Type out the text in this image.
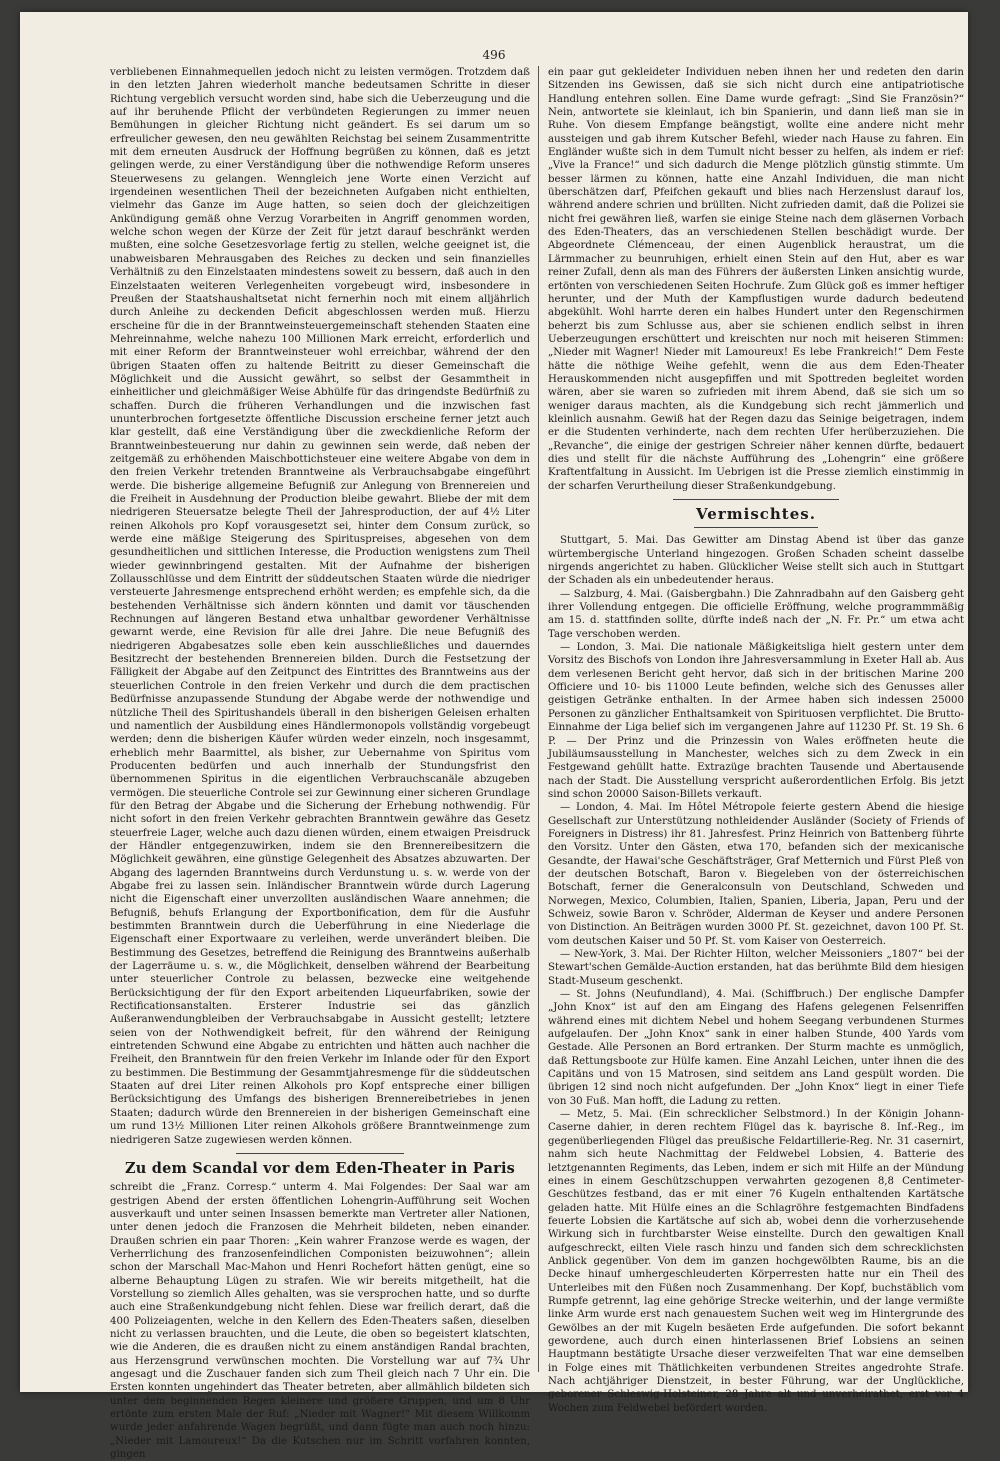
496

verbliebenen Einnahmequellen jedoch nicht zu leisten vermögen. Trotzdem daß in den letzten Jahren wiederholt manche bedeutsamen Schritte in dieser Richtung vergeblich versucht worden sind, habe sich die Ueberzeugung und die auf ihr beruhende Pflicht der verbündeten Regierungen zu immer neuen Bemühungen in gleicher Richtung nicht geändert. Es sei darum um so erfreulicher gewesen, den neu gewählten Reichstag bei seinem Zusammentritte mit dem erneuten Ausdruck der Hoffnung begrüßen zu können, daß es jetzt gelingen werde, zu einer Verständigung über die nothwendige Reform unseres Steuerwesens zu gelangen. Wenngleich jene Worte einen Verzicht auf irgendeinen wesentlichen Theil der bezeichneten Aufgaben nicht enthielten, vielmehr das Ganze im Auge hatten, so seien doch der gleichzeitigen Ankündigung gemäß ohne Verzug Vorarbeiten in Angriff genommen worden, welche schon wegen der Kürze der Zeit für jetzt darauf beschränkt werden mußten, eine solche Gesetzesvorlage fertig zu stellen, welche geeignet ist, die unabweisbaren Mehrausgaben des Reiches zu decken und sein finanzielles Verhältniß zu den Einzelstaaten mindestens soweit zu bessern, daß auch in den Einzelstaaten weiteren Verlegenheiten vorgebeugt wird, insbesondere in Preußen der Staatshaushaltsetat nicht fernerhin noch mit einem alljährlich durch Anleihe zu deckenden Deficit abgeschlossen werden muß. Hierzu erscheine für die in der Branntweinsteuergemeinschaft stehenden Staaten eine Mehreinnahme, welche nahezu 100 Millionen Mark erreicht, erforderlich und mit einer Reform der Branntweinsteuer wohl erreichbar, während der den übrigen Staaten offen zu haltende Beitritt zu dieser Gemeinschaft die Möglichkeit und die Aussicht gewährt, so selbst der Gesammtheit in einheitlicher und gleichmäßiger Weise Abhülfe für das dringendste Bedürfniß zu schaffen. Durch die früheren Verhandlungen und die inzwischen fast ununterbrochen fortgesetzte öffentliche Discussion erscheine ferner jetzt auch klar gestellt, daß eine Verständigung über die zweckdienliche Reform der Branntweinbesteuerung nur dahin zu gewinnen sein werde, daß neben der zeitgemäß zu erhöhenden Maischbottichsteuer eine weitere Abgabe von dem in den freien Verkehr tretenden Branntweine als Verbrauchsabgabe eingeführt werde. Die bisherige allgemeine Befugniß zur Anlegung von Brennereien und die Freiheit in Ausdehnung der Production bleibe gewahrt. Bliebe der mit dem niedrigeren Steuersatze belegte Theil der Jahresproduction, der auf 4½ Liter reinen Alkohols pro Kopf vorausgesetzt sei, hinter dem Consum zurück, so werde eine mäßige Steigerung des Spirituspreises, abgesehen von dem gesundheitlichen und sittlichen Interesse, die Production wenigstens zum Theil wieder gewinnbringend gestalten. Mit der Aufnahme der bisherigen Zollausschlüsse und dem Eintritt der süddeutschen Staaten würde die niedriger versteuerte Jahresmenge entsprechend erhöht werden; es empfehle sich, da die bestehenden Verhältnisse sich ändern könnten und damit vor täuschenden Rechnungen auf längeren Bestand etwa unhaltbar gewordener Verhältnisse gewarnt werde, eine Revision für alle drei Jahre. Die neue Befugniß des niedrigeren Abgabesatzes solle eben kein ausschließliches und dauerndes Besitzrecht der bestehenden Brennereien bilden. Durch die Festsetzung der Fälligkeit der Abgabe auf den Zeitpunct des Eintrittes des Branntweins aus der steuerlichen Controle in den freien Verkehr und durch die dem practischen Bedürfnisse anzupassende Stundung der Abgabe werde der nothwendige und nützliche Theil des Spiritushandels überall in den bisherigen Geleisen erhalten und namentlich der Ausbildung eines Händlermonopols vollständig vorgebeugt werden; denn die bisherigen Käufer würden weder einzeln, noch insgesammt, erheblich mehr Baarmittel, als bisher, zur Uebernahme von Spiritus vom Producenten bedürfen und auch innerhalb der Stundungsfrist den übernommenen Spiritus in die eigentlichen Verbrauchscanäle abzugeben vermögen. Die steuerliche Controle sei zur Gewinnung einer sicheren Grundlage für den Betrag der Abgabe und die Sicherung der Erhebung nothwendig. Für nicht sofort in den freien Verkehr gebrachten Branntwein gewähre das Gesetz steuerfreie Lager, welche auch dazu dienen würden, einem etwaigen Preisdruck der Händler entgegenzuwirken, indem sie den Brennereibesitzern die Möglichkeit gewähren, eine günstige Gelegenheit des Absatzes abzuwarten. Der Abgang des lagernden Branntweins durch Verdunstung u. s. w. werde von der Abgabe frei zu lassen sein. Inländischer Branntwein würde durch Lagerung nicht die Eigenschaft einer unverzollten ausländischen Waare annehmen; die Befugniß, behufs Erlangung der Exportbonification, dem für die Ausfuhr bestimmten Branntwein durch die Ueberführung in eine Niederlage die Eigenschaft einer Exportwaare zu verleihen, werde unverändert bleiben. Die Bestimmung des Gesetzes, betreffend die Reinigung des Branntweins außerhalb der Lagerräume u. s. w., die Möglichkeit, denselben während der Bearbeitung unter steuerlicher Controle zu belassen, bezwecke eine weitgehende Berücksichtigung der für den Export arbeitenden Liqueurfabriken, sowie der Rectificationsanstalten. Ersterer Industrie sei das gänzlich Außeranwendungbleiben der Verbrauchsabgabe in Aussicht gestellt; letztere seien von der Nothwendigkeit befreit, für den während der Reinigung eintretenden Schwund eine Abgabe zu entrichten und hätten auch nachher die Freiheit, den Branntwein für den freien Verkehr im Inlande oder für den Export zu bestimmen. Die Bestimmung der Gesammtjahresmenge für die süddeutschen Staaten auf drei Liter reinen Alkohols pro Kopf entspreche einer billigen Berücksichtigung des Umfangs des bisherigen Brennereibetriebes in jenen Staaten; dadurch würde den Brennereien in der bisherigen Gemeinschaft eine um rund 13½ Millionen Liter reinen Alkohols größere Branntweinmenge zum niedrigeren Satze zugewiesen werden können.

Zu dem Scandal vor dem Eden-Theater in Paris

schreibt die „Franz. Corresp.“ unterm 4. Mai Folgendes: Der Saal war am gestrigen Abend der ersten öffentlichen Lohengrin-Aufführung seit Wochen ausverkauft und unter seinen Insassen bemerkte man Vertreter aller Nationen, unter denen jedoch die Franzosen die Mehrheit bildeten, neben einander. Draußen schrien ein paar Thoren: „Kein wahrer Franzose werde es wagen, der Verherrlichung des franzosenfeindlichen Componisten beizuwohnen“; allein schon der Marschall Mac-Mahon und Henri Rochefort hätten genügt, eine so alberne Behauptung Lügen zu strafen. Wie wir bereits mitgetheilt, hat die Vorstellung so ziemlich Alles gehalten, was sie versprochen hatte, und so durfte auch eine Straßenkundgebung nicht fehlen. Diese war freilich derart, daß die 400 Polizeiagenten, welche in den Kellern des Eden-Theaters saßen, dieselben nicht zu verlassen brauchten, und die Leute, die oben so begeistert klatschten, wie die Anderen, die es draußen nicht zu einem anständigen Randal brachten, aus Herzensgrund verwünschen mochten. Die Vorstellung war auf 7¾ Uhr angesagt und die Zuschauer fanden sich zum Theil gleich nach 7 Uhr ein. Die Ersten konnten ungehindert das Theater betreten, aber allmählich bildeten sich unter dem beginnenden Regen kleinere und größere Gruppen, und um 8 Uhr ertönte zum ersten Male der Ruf: „Nieder mit Wagner!“ Mit diesem Willkomm wurde jeder anfahrende Wagen begrüßt, und dann fügte man auch noch hinzu: „Nieder mit Lamoureux!“ Da die Kutschen nur im Schritt vorfahren konnten, gingen

ein paar gut gekleideter Individuen neben ihnen her und redeten den darin Sitzenden ins Gewissen, daß sie sich nicht durch eine antipatriotische Handlung entehren sollen. Eine Dame wurde gefragt: „Sind Sie Französin?“ Nein, antwortete sie kleinlaut, ich bin Spanierin, und dann ließ man sie in Ruhe. Von diesem Empfange beängstigt, wollte eine andere nicht mehr aussteigen und gab ihrem Kutscher Befehl, wieder nach Hause zu fahren. Ein Engländer wußte sich in dem Tumult nicht besser zu helfen, als indem er rief: „Vive la France!“ und sich dadurch die Menge plötzlich günstig stimmte. Um besser lärmen zu können, hatte eine Anzahl Individuen, die man nicht überschätzen darf, Pfeifchen gekauft und blies nach Herzenslust darauf los, während andere schrien und brüllten. Nicht zufrieden damit, daß die Polizei sie nicht frei gewähren ließ, warfen sie einige Steine nach dem gläsernen Vorbach des Eden-Theaters, das an verschiedenen Stellen beschädigt wurde. Der Abgeordnete Clémenceau, der einen Augenblick heraustrat, um die Lärmmacher zu beunruhigen, erhielt einen Stein auf den Hut, aber es war reiner Zufall, denn als man des Führers der äußersten Linken ansichtig wurde, ertönten von verschiedenen Seiten Hochrufe. Zum Glück goß es immer heftiger herunter, und der Muth der Kampflustigen wurde dadurch bedeutend abgekühlt. Wohl harrte deren ein halbes Hundert unter den Regenschirmen beherzt bis zum Schlusse aus, aber sie schienen endlich selbst in ihren Ueberzeugungen erschüttert und kreischten nur noch mit heiseren Stimmen: „Nieder mit Wagner! Nieder mit Lamoureux! Es lebe Frankreich!“ Dem Feste hätte die nöthige Weihe gefehlt, wenn die aus dem Eden-Theater Herauskommenden nicht ausgepfiffen und mit Spottreden begleitet worden wären, aber sie waren so zufrieden mit ihrem Abend, daß sie sich um so weniger daraus machten, als die Kundgebung sich recht jämmerlich und kleinlich ausnahm. Gewiß hat der Regen dazu das Seinige beigetragen, indem er die Studenten verhinderte, nach dem rechten Ufer herüberzuziehen. Die „Revanche“, die einige der gestrigen Schreier näher kennen dürfte, bedauert dies und stellt für die nächste Aufführung des „Lohengrin“ eine größere Kraftentfaltung in Aussicht. Im Uebrigen ist die Presse ziemlich einstimmig in der scharfen Verurtheilung dieser Straßenkundgebung.

Vermischtes.

Stuttgart, 5. Mai. Das Gewitter am Dinstag Abend ist über das ganze würtembergische Unterland hingezogen. Großen Schaden scheint dasselbe nirgends angerichtet zu haben. Glücklicher Weise stellt sich auch in Stuttgart der Schaden als ein unbedeutender heraus.

— Salzburg, 4. Mai. (Gaisbergbahn.) Die Zahnradbahn auf den Gaisberg geht ihrer Vollendung entgegen. Die officielle Eröffnung, welche programmmäßig am 15. d. stattfinden sollte, dürfte indeß nach der „N. Fr. Pr.“ um etwa acht Tage verschoben werden.

— London, 3. Mai. Die nationale Mäßigkeitsliga hielt gestern unter dem Vorsitz des Bischofs von London ihre Jahresversammlung in Exeter Hall ab. Aus dem verlesenen Bericht geht hervor, daß sich in der britischen Marine 200 Officiere und 10- bis 11000 Leute befinden, welche sich des Genusses aller geistigen Getränke enthalten. In der Armee haben sich indessen 25000 Personen zu gänzlicher Enthaltsamkeit von Spirituosen verpflichtet. Die Brutto-Einnahme der Liga belief sich im vergangenen Jahre auf 11230 Pf. St. 19 Sh. 6 P. — Der Prinz und die Prinzessin von Wales eröffneten heute die Jubiläumsausstellung in Manchester, welches sich zu dem Zweck in ein Festgewand gehüllt hatte. Extrazüge brachten Tausende und Abertausende nach der Stadt. Die Ausstellung verspricht außerordentlichen Erfolg. Bis jetzt sind schon 20000 Saison-Billets verkauft.

— London, 4. Mai. Im Hôtel Métropole feierte gestern Abend die hiesige Gesellschaft zur Unterstützung nothleidender Ausländer (Society of Friends of Foreigners in Distress) ihr 81. Jahresfest. Prinz Heinrich von Battenberg führte den Vorsitz. Unter den Gästen, etwa 170, befanden sich der mexicanische Gesandte, der Hawai'sche Geschäftsträger, Graf Metternich und Fürst Pleß von der deutschen Botschaft, Baron v. Biegeleben von der österreichischen Botschaft, ferner die Generalconsuln von Deutschland, Schweden und Norwegen, Mexico, Columbien, Italien, Spanien, Liberia, Japan, Peru und der Schweiz, sowie Baron v. Schröder, Alderman de Keyser und andere Personen von Distinction. An Beiträgen wurden 3000 Pf. St. gezeichnet, davon 100 Pf. St. vom deutschen Kaiser und 50 Pf. St. vom Kaiser von Oesterreich.

— New-York, 3. Mai. Der Richter Hilton, welcher Meissoniers „1807“ bei der Stewart'schen Gemälde-Auction erstanden, hat das berühmte Bild dem hiesigen Stadt-Museum geschenkt.

— St. Johns (Neufundland), 4. Mai. (Schiffbruch.) Der englische Dampfer „John Knox“ ist auf den am Eingang des Hafens gelegenen Felsenriffen während eines mit dichtem Nebel und hohem Seegang verbundenen Sturmes aufgelaufen. Der „John Knox“ sank in einer halben Stunde, 400 Yards vom Gestade. Alle Personen an Bord ertranken. Der Sturm machte es unmöglich, daß Rettungsboote zur Hülfe kamen. Eine Anzahl Leichen, unter ihnen die des Capitäns und von 15 Matrosen, sind seitdem ans Land gespült worden. Die übrigen 12 sind noch nicht aufgefunden. Der „John Knox“ liegt in einer Tiefe von 30 Fuß. Man hofft, die Ladung zu retten.

— Metz, 5. Mai. (Ein schrecklicher Selbstmord.) In der Königin Johann-Caserne dahier, in deren rechtem Flügel das k. bayrische 8. Inf.-Reg., im gegenüberliegenden Flügel das preußische Feldartillerie-Reg. Nr. 31 casernirt, nahm sich heute Nachmittag der Feldwebel Lobsien, 4. Batterie des letztgenannten Regiments, das Leben, indem er sich mit Hilfe an der Mündung eines in einem Geschützschuppen verwahrten gezogenen 8,8 Centimeter-Geschützes festband, das er mit einer 76 Kugeln enthaltenden Kartätsche geladen hatte. Mit Hülfe eines an die Schlagröhre festgemachten Bindfadens feuerte Lobsien die Kartätsche auf sich ab, wobei denn die vorherzusehende Wirkung sich in furchtbarster Weise einstellte. Durch den gewaltigen Knall aufgeschreckt, eilten Viele rasch hinzu und fanden sich dem schrecklichsten Anblick gegenüber. Von dem im ganzen hochgewölbten Raume, bis an die Decke hinauf umhergeschleuderten Körperresten hatte nur ein Theil des Unterleibes mit den Füßen noch Zusammenhang. Der Kopf, buchstäblich vom Rumpfe getrennt, lag eine gehörige Strecke weiterhin, und der lange vermißte linke Arm wurde erst nach genauestem Suchen weit weg im Hintergrunde des Gewölbes an der mit Kugeln besäeten Erde aufgefunden. Die sofort bekannt gewordene, auch durch einen hinterlassenen Brief Lobsiens an seinen Hauptmann bestätigte Ursache dieser verzweifelten That war eine demselben in Folge eines mit Thätlichkeiten verbundenen Streites angedrohte Strafe. Nach achtjähriger Dienstzeit, in bester Führung, war der Unglückliche, geborener Schleswig-Holsteiner, 28 Jahre alt und unverheirathet, erst vor 4 Wochen zum Feldwebel befördert worden.
